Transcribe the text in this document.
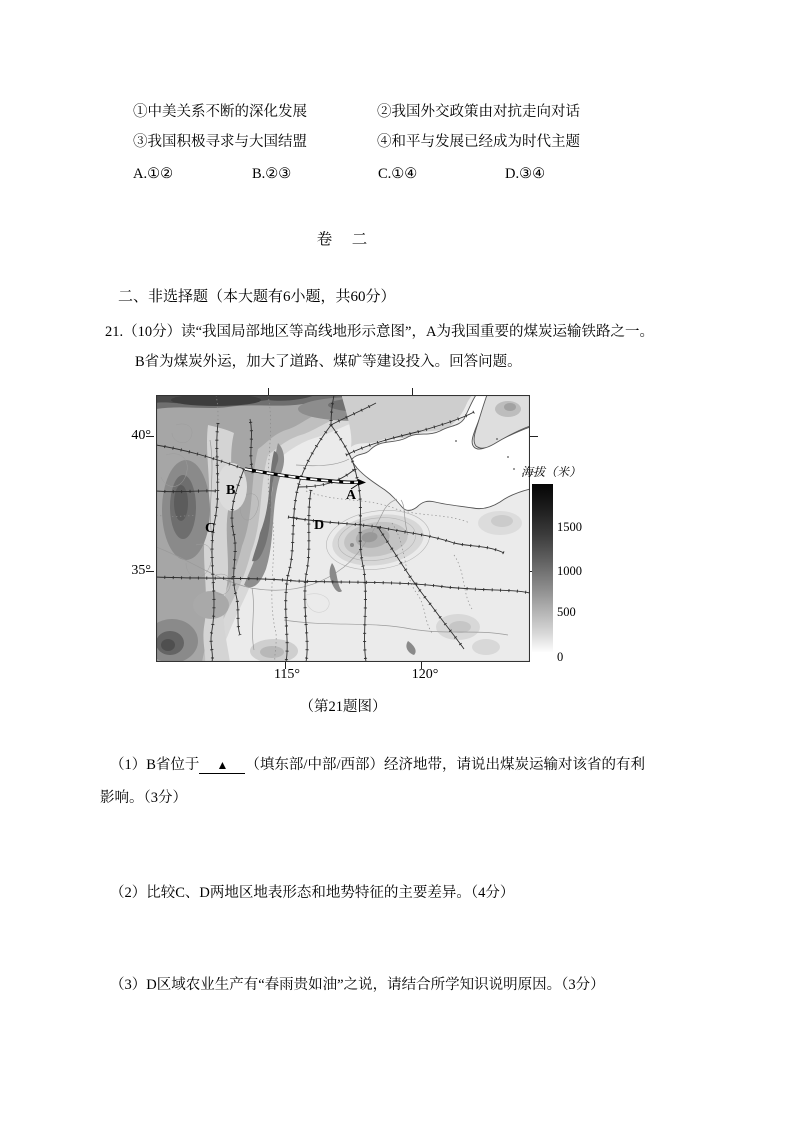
①中美关系不断的深化发展	②我国外交政策由对抗走向对话
③我国积极寻求与大国结盟	④和平与发展已经成为时代主题
A.①②	B.②③	C.①④	D.③④
卷　二
二、非选择题（本大题有6小题，共60分）
21.（10分）读“我国局部地区等高线地形示意图”，A为我国重要的煤炭运输铁路之一。
B省为煤炭外运，加大了道路、煤矿等建设投入。回答问题。
B
C	D
A
40°
35°
115°	120°
海拔（米）
1500
1000
500
0
（第21题图）
（1）B省位于 ▲ （填东部/中部/西部）经济地带，请说出煤炭运输对该省的有利
影响。（3分）
（2）比较C、D两地区地表形态和地势特征的主要差异。（4分）
（3）D区域农业生产有“春雨贵如油”之说，请结合所学知识说明原因。（3分）
